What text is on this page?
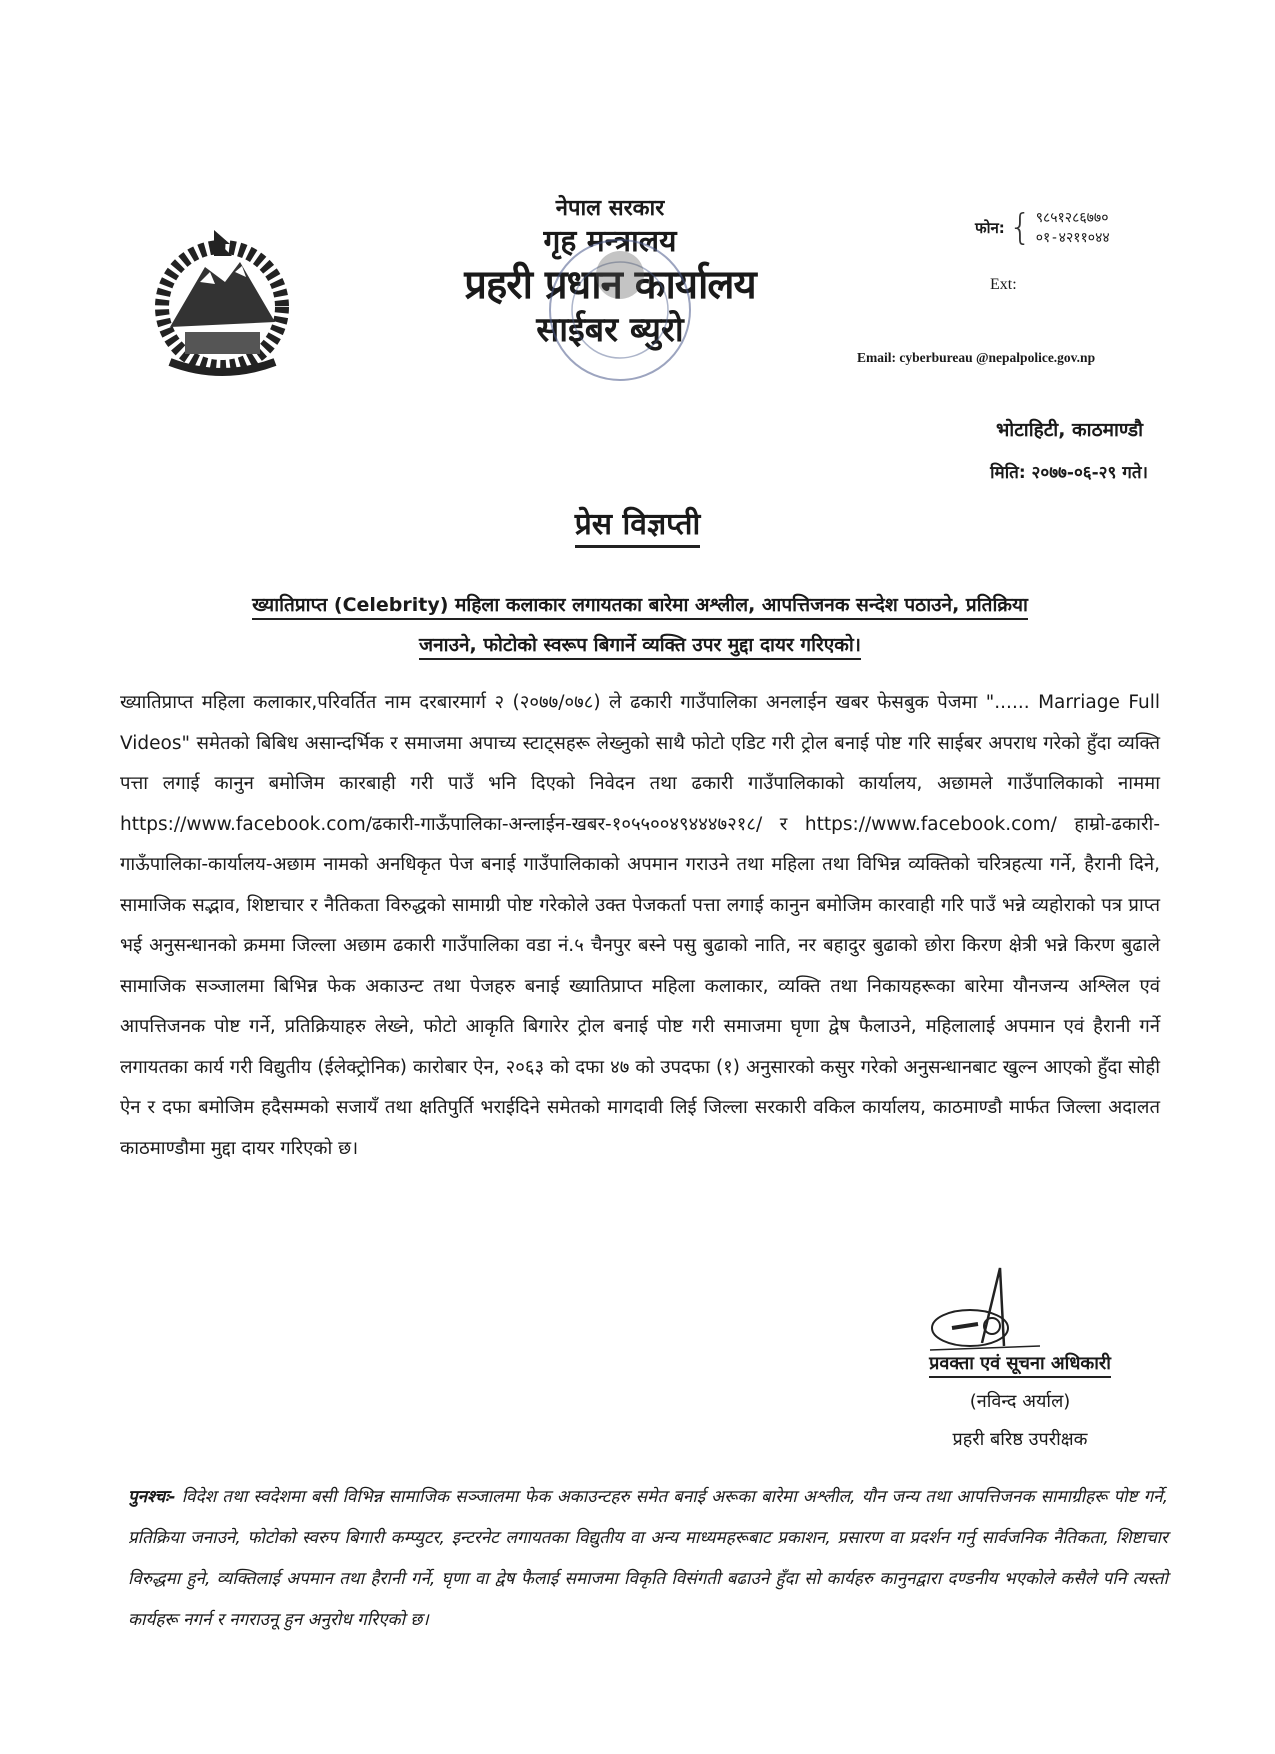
नेपाल सरकार
गृह मन्त्रालय
प्रहरी प्रधान कार्यालय
साईबर ब्युरो
फोन: { ९८५१२८६७७०
०१-४२११०४४
Ext:
Email: cyberbureau @nepalpolice.gov.np
भोटाहिटी, काठमाण्डौ
मिति: २०७७-०६-२९ गते।
प्रेस विज्ञप्ती
ख्यातिप्राप्त (Celebrity) महिला कलाकार लगायतका बारेमा अश्लील, आपत्तिजनक सन्देश पठाउने, प्रतिक्रिया
जनाउने, फोटोको स्वरूप बिगार्ने व्यक्ति उपर मुद्दा दायर गरिएको।
ख्यातिप्राप्त महिला कलाकार,परिवर्तित नाम दरबारमार्ग २ (२०७७/०७८) ले ढकारी गाउँपालिका अनलाईन खबर फेसबुक पेजमा "...... Marriage Full Videos" समेतको बिबिध असान्दर्भिक र समाजमा अपाच्य स्टाट्सहरू लेख्नुको साथै फोटो एडिट गरी ट्रोल बनाई पोष्ट गरि साईबर अपराध गरेको हुँदा व्यक्ति पत्ता लगाई कानुन बमोजिम कारबाही गरी पाउँ भनि दिएको निवेदन तथा ढकारी गाउँपालिकाको कार्यालय, अछामले गाउँपालिकाको नाममा https://www.facebook.com/ढकारी-गाऊँपालिका-अन्लाईन-खबर-१०५५००४९४४४७२१८/ र https://www.facebook.com/ हाम्रो-ढकारी-गाऊँपालिका-कार्यालय-अछाम नामको अनधिकृत पेज बनाई गाउँपालिकाको अपमान गराउने तथा महिला तथा विभिन्न व्यक्तिको चरित्रहत्या गर्ने, हैरानी दिने, सामाजिक सद्भाव, शिष्टाचार र नैतिकता विरुद्धको सामाग्री पोष्ट गरेकोले उक्त पेजकर्ता पत्ता लगाई कानुन बमोजिम कारवाही गरि पाउँ भन्ने व्यहोराको पत्र प्राप्त भई अनुसन्धानको क्रममा जिल्ला अछाम ढकारी गाउँपालिका वडा नं.५ चैनपुर बस्ने पसु बुढाको नाति, नर बहादुर बुढाको छोरा किरण क्षेत्री भन्ने किरण बुढाले सामाजिक सञ्जालमा बिभिन्न फेक अकाउन्ट तथा पेजहरु बनाई ख्यातिप्राप्त महिला कलाकार, व्यक्ति तथा निकायहरूका बारेमा यौनजन्य अश्लिल एवं आपत्तिजनक पोष्ट गर्ने, प्रतिक्रियाहरु लेख्ने, फोटो आकृति बिगारेर ट्रोल बनाई पोष्ट गरी समाजमा घृणा द्वेष फैलाउने, महिलालाई अपमान एवं हैरानी गर्ने लगायतका कार्य गरी विद्युतीय (ईलेक्ट्रोनिक) कारोबार ऐन, २०६३ को दफा ४७ को उपदफा (१) अनुसारको कसुर गरेको अनुसन्धानबाट खुल्न आएको हुँदा सोही ऐन र दफा बमोजिम हदैसम्मको सजायँ तथा क्षतिपुर्ति भराईदिने समेतको मागदावी लिई जिल्ला सरकारी वकिल कार्यालय, काठमाण्डौ मार्फत जिल्ला अदालत काठमाण्डौमा मुद्दा दायर गरिएको छ।
प्रवक्ता एवं सूचना अधिकारी
(नविन्द अर्याल)
प्रहरी बरिष्ठ उपरीक्षक
पुनश्चः- विदेश तथा स्वदेशमा बसी विभिन्न सामाजिक सञ्जालमा फेक अकाउन्टहरु समेत बनाई अरूका बारेमा अश्लील, यौन जन्य तथा आपत्तिजनक सामाग्रीहरू पोष्ट गर्ने, प्रतिक्रिया जनाउने, फोटोको स्वरुप बिगारी कम्प्युटर, इन्टरनेट लगायतका विद्युतीय वा अन्य माध्यमहरूबाट प्रकाशन, प्रसारण वा प्रदर्शन गर्नु सार्वजनिक नैतिकता, शिष्टाचार विरुद्धमा हुने, व्यक्तिलाई अपमान तथा हैरानी गर्ने, घृणा वा द्वेष फैलाई समाजमा विकृति विसंगती बढाउने हुँदा सो कार्यहरु कानुनद्वारा दण्डनीय भएकोले कसैले पनि त्यस्तो कार्यहरू नगर्न र नगराउनू हुन अनुरोध गरिएको छ।
